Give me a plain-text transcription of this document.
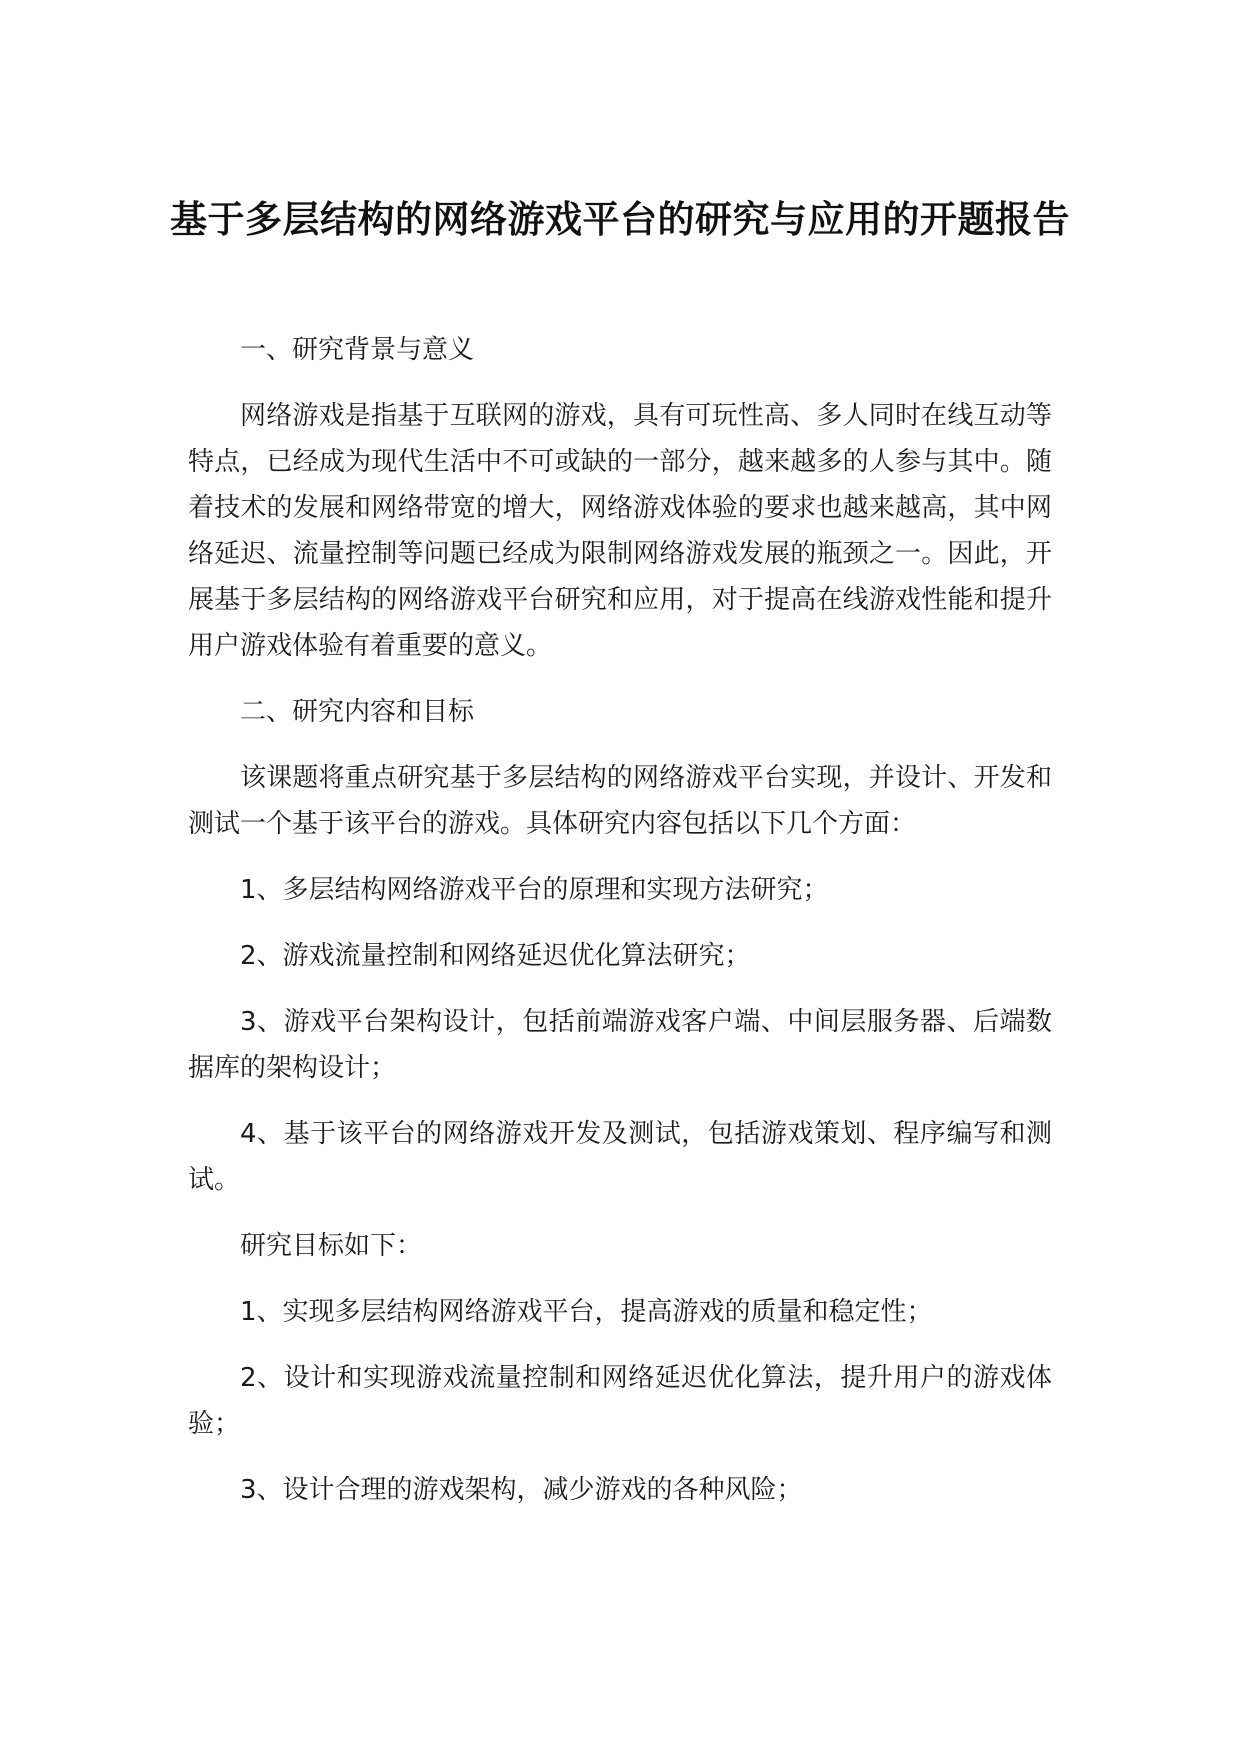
基于多层结构的网络游戏平台的研究与应用的开题报告

一、研究背景与意义

网络游戏是指基于互联网的游戏，具有可玩性高、多人同时在线互动等特点，已经成为现代生活中不可或缺的一部分，越来越多的人参与其中。随着技术的发展和网络带宽的增大，网络游戏体验的要求也越来越高，其中网络延迟、流量控制等问题已经成为限制网络游戏发展的瓶颈之一。因此，开展基于多层结构的网络游戏平台研究和应用，对于提高在线游戏性能和提升用户游戏体验有着重要的意义。

二、研究内容和目标

该课题将重点研究基于多层结构的网络游戏平台实现，并设计、开发和测试一个基于该平台的游戏。具体研究内容包括以下几个方面：

1、多层结构网络游戏平台的原理和实现方法研究；

2、游戏流量控制和网络延迟优化算法研究；

3、游戏平台架构设计，包括前端游戏客户端、中间层服务器、后端数据库的架构设计；

4、基于该平台的网络游戏开发及测试，包括游戏策划、程序编写和测试。

研究目标如下：

1、实现多层结构网络游戏平台，提高游戏的质量和稳定性；

2、设计和实现游戏流量控制和网络延迟优化算法，提升用户的游戏体验；

3、设计合理的游戏架构，减少游戏的各种风险；
